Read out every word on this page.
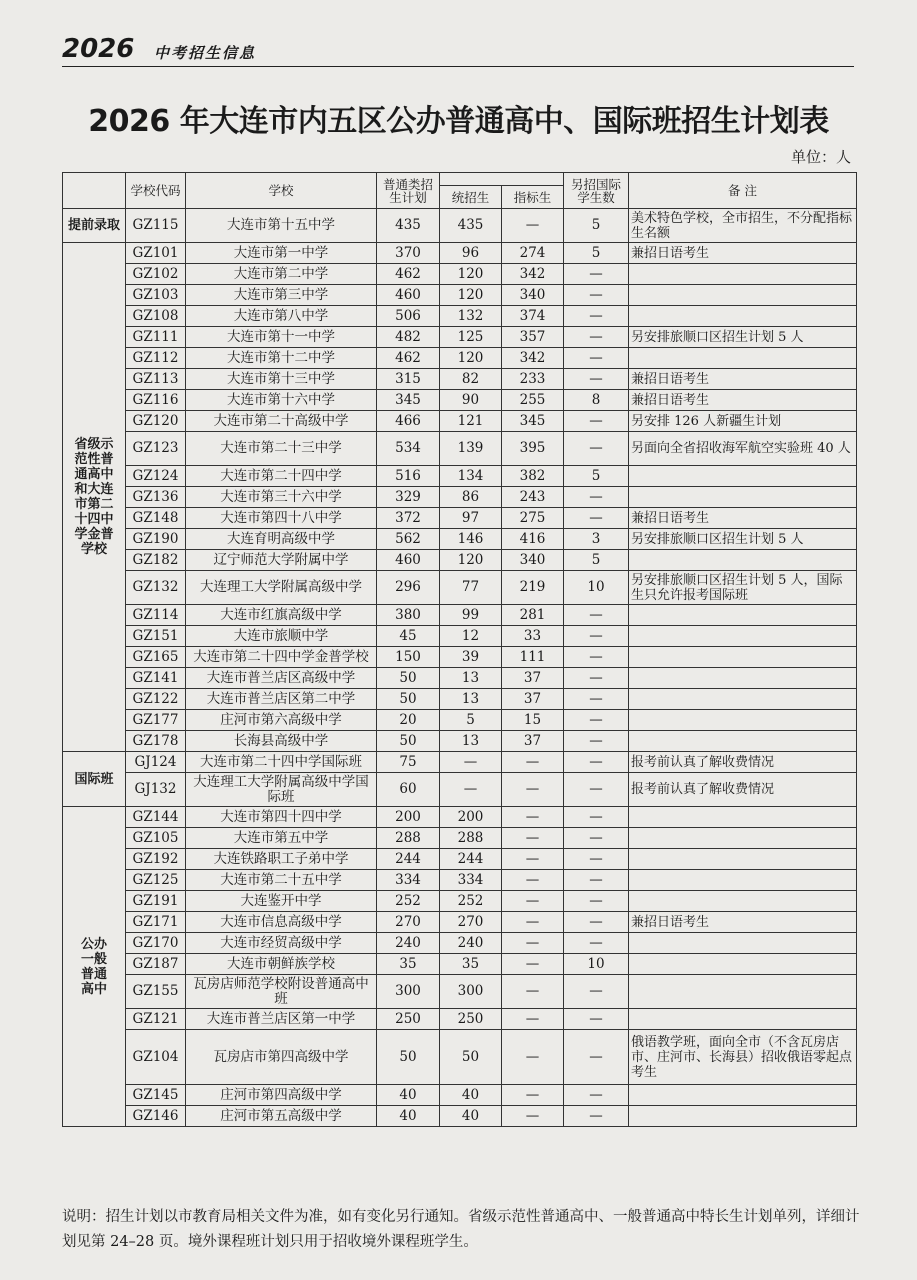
2026 中考招生信息
2026 年大连市内五区公办普通高中、国际班招生计划表
单位：人
	学校代码	学校	普通类招生计划			另招国际学生数	备 注
				统招生	指标生		
提前录取	GZ115	大连市第十五中学	435	435	—	5	美术特色学校，全市招生，不分配指标生名额
省级示范性普通高中和大连市第二十四中学金普学校	GZ101	大连市第一中学	370	96	274	5	兼招日语考生
	GZ102	大连市第二中学	462	120	342	—	
	GZ103	大连市第三中学	460	120	340	—	
	GZ108	大连市第八中学	506	132	374	—	
	GZ111	大连市第十一中学	482	125	357	—	另安排旅顺口区招生计划 5 人
	GZ112	大连市第十二中学	462	120	342	—	
	GZ113	大连市第十三中学	315	82	233	—	兼招日语考生
	GZ116	大连市第十六中学	345	90	255	8	兼招日语考生
	GZ120	大连市第二十高级中学	466	121	345	—	另安排 126 人新疆生计划
	GZ123	大连市第二十三中学	534	139	395	—	另面向全省招收海军航空实验班 40 人
	GZ124	大连市第二十四中学	516	134	382	5	
	GZ136	大连市第三十六中学	329	86	243	—	
	GZ148	大连市第四十八中学	372	97	275	—	兼招日语考生
	GZ190	大连育明高级中学	562	146	416	3	另安排旅顺口区招生计划 5 人
	GZ182	辽宁师范大学附属中学	460	120	340	5	
	GZ132	大连理工大学附属高级中学	296	77	219	10	另安排旅顺口区招生计划 5 人，国际生只允许报考国际班
	GZ114	大连市红旗高级中学	380	99	281	—	
	GZ151	大连市旅顺中学	45	12	33	—	
	GZ165	大连市第二十四中学金普学校	150	39	111	—	
	GZ141	大连市普兰店区高级中学	50	13	37	—	
	GZ122	大连市普兰店区第二中学	50	13	37	—	
	GZ177	庄河市第六高级中学	20	5	15	—	
	GZ178	长海县高级中学	50	13	37	—	
国际班	GJ124	大连市第二十四中学国际班	75	—	—	—	报考前认真了解收费情况
	GJ132	大连理工大学附属高级中学国际班	60	—	—	—	报考前认真了解收费情况
公办一般普通高中	GZ144	大连市第四十四中学	200	200	—	—	
	GZ105	大连市第五中学	288	288	—	—	
	GZ192	大连铁路职工子弟中学	244	244	—	—	
	GZ125	大连市第二十五中学	334	334	—	—	
	GZ191	大连鉴开中学	252	252	—	—	
	GZ171	大连市信息高级中学	270	270	—	—	兼招日语考生
	GZ170	大连市经贸高级中学	240	240	—	—	
	GZ187	大连市朝鲜族学校	35	35	—	10	
	GZ155	瓦房店师范学校附设普通高中班	300	300	—	—	
	GZ121	大连市普兰店区第一中学	250	250	—	—	
	GZ104	瓦房店市第四高级中学	50	50	—	—	俄语教学班，面向全市（不含瓦房店市、庄河市、长海县）招收俄语零起点考生
	GZ145	庄河市第四高级中学	40	40	—	—	
	GZ146	庄河市第五高级中学	40	40	—	—	
说明：招生计划以市教育局相关文件为准，如有变化另行通知。省级示范性普通高中、一般普通高中特长生计划单列，详细计划见第 24–28 页。境外课程班计划只用于招收境外课程班学生。
